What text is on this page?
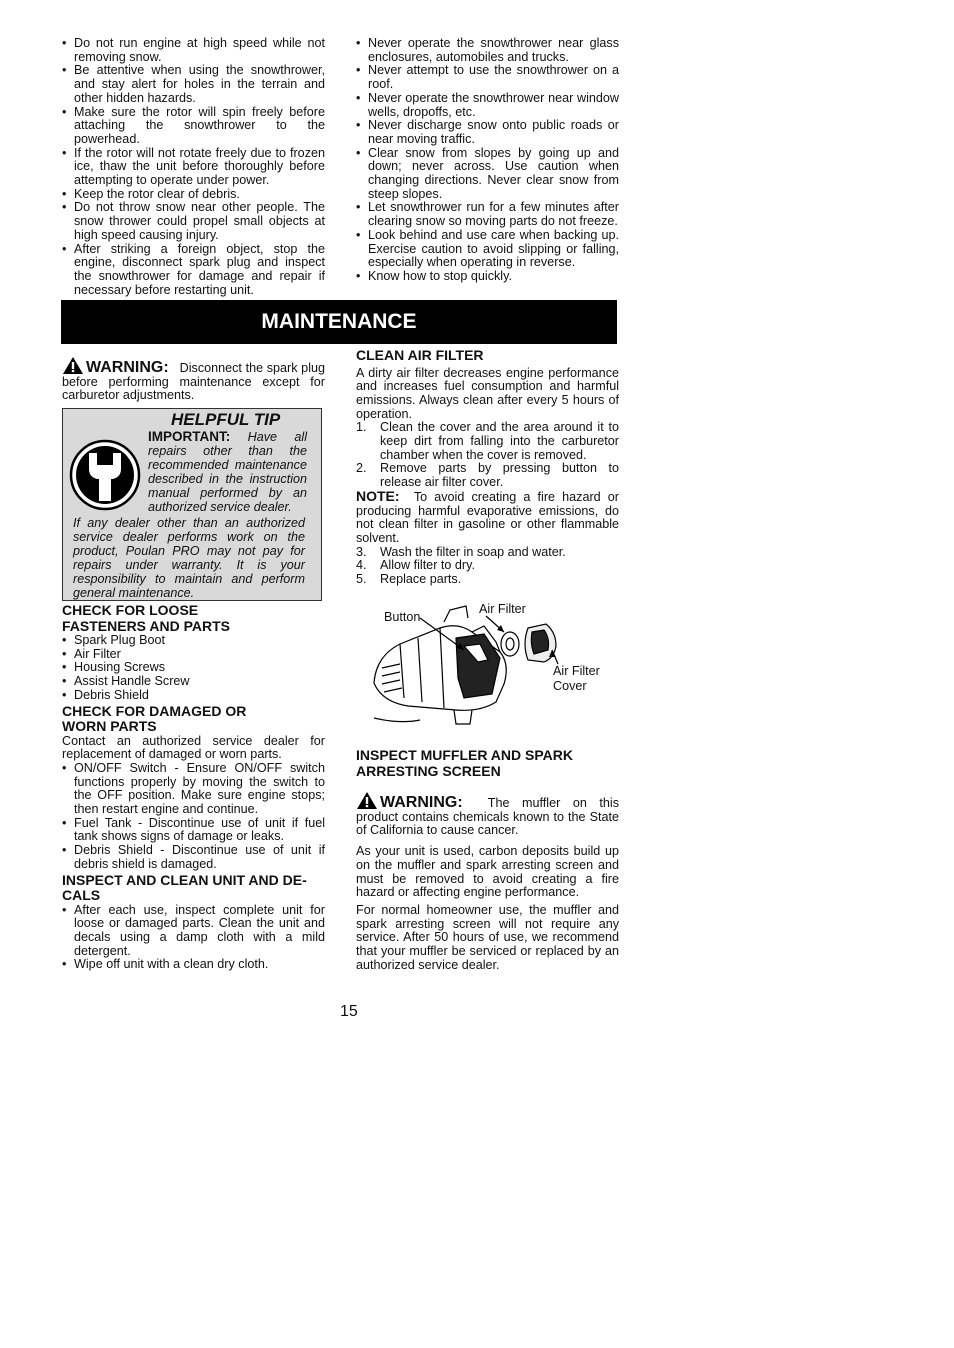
• Do not run engine at high speed while not removing snow.
• Be attentive when using the snowthrower, and stay alert for holes in the terrain and other hidden hazards.
• Make sure the rotor will spin freely before attaching the snowthrower to the powerhead.
• If the rotor will not rotate freely due to frozen ice, thaw the unit before thoroughly before attempting to operate under power.
• Keep the rotor clear of debris.
• Do not throw snow near other people. The snow thrower could propel small objects at high speed causing injury.
• After striking a foreign object, stop the engine, disconnect spark plug and inspect the snowthrower for damage and repair if necessary before restarting unit.
• Never operate the snowthrower near glass enclosures, automobiles and trucks.
• Never attempt to use the snowthrower on a roof.
• Never operate the snowthrower near window wells, dropoffs, etc.
• Never discharge snow onto public roads or near moving traffic.
• Clear snow from slopes by going up and down; never across. Use caution when changing directions. Never clear snow from steep slopes.
• Let snowthrower run for a few minutes after clearing snow so moving parts do not freeze.
• Look behind and use care when backing up. Exercise caution to avoid slipping or falling, especially when operating in reverse.
• Know how to stop quickly.
MAINTENANCE

WARNING: Disconnect the spark plug before performing maintenance except for carburetor adjustments.

HELPFUL TIP

IMPORTANT: Have all repairs other than the recommended maintenance described in the instruction manual performed by an authorized service dealer.

If any dealer other than an authorized service dealer performs work on the product, Poulan PRO may not pay for repairs under warranty. It is your responsibility to maintain and perform general maintenance.

CHECK FOR LOOSE
FASTENERS AND PARTS
• Spark Plug Boot
• Air Filter
• Housing Screws
• Assist Handle Screw
• Debris Shield
CHECK FOR DAMAGED OR
WORN PARTS

Contact an authorized service dealer for replacement of damaged or worn parts.

• ON/OFF Switch - Ensure ON/OFF switch functions properly by moving the switch to the OFF position. Make sure engine stops; then restart engine and continue.
• Fuel Tank - Discontinue use of unit if fuel tank shows signs of damage or leaks.
• Debris Shield - Discontinue use of unit if debris shield is damaged.
INSPECT AND CLEAN UNIT AND DE-
CALS
• After each use, inspect complete unit for loose or damaged parts. Clean the unit and decals using a damp cloth with a mild detergent.
• Wipe off unit with a clean dry cloth.
CLEAN AIR FILTER

A dirty air filter decreases engine performance and increases fuel consumption and harmful emissions. Always clean after every 5 hours of operation.

1. Clean the cover and the area around it to keep dirt from falling into the carburetor chamber when the cover is removed.
2. Remove parts by pressing button to release air filter cover.

NOTE: To avoid creating a fire hazard or producing harmful evaporative emissions, do not clean filter in gasoline or other flammable solvent.

3. Wash the filter in soap and water.
4. Allow filter to dry.
5. Replace parts.
Button
Air Filter
Air Filter
Cover
INSPECT MUFFLER AND SPARK
ARRESTING SCREEN

WARNING: The muffler on this product contains chemicals known to the State of California to cause cancer.

As your unit is used, carbon deposits build up on the muffler and spark arresting screen and must be removed to avoid creating a fire hazard or affecting engine performance.

For normal homeowner use, the muffler and spark arresting screen will not require any service. After 50 hours of use, we recommend that your muffler be serviced or replaced by an authorized service dealer.

15
